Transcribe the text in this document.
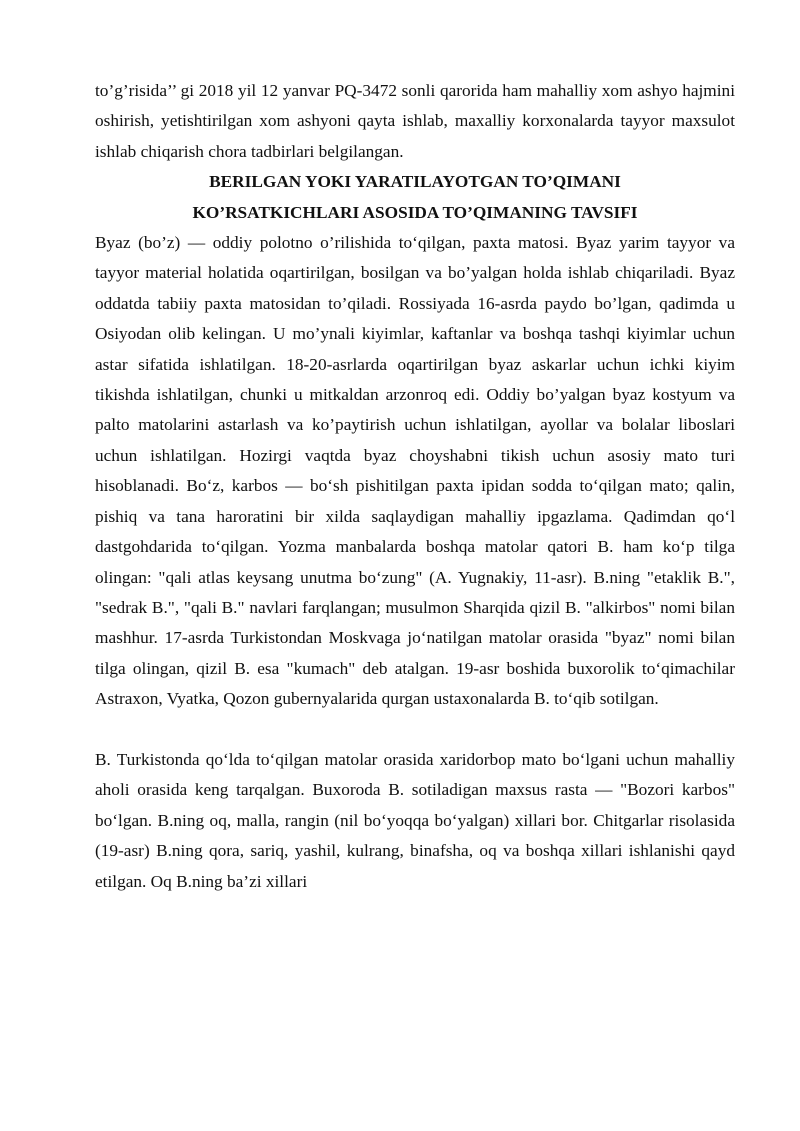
to’g’risida’’ gi 2018 yil 12 yanvar PQ-3472 sonli qarorida ham mahalliy xom ashyo hajmini oshirish, yetishtirilgan xom ashyoni qayta ishlab, maxalliy korxonalarda tayyor maxsulot ishlab chiqarish chora tadbirlari belgilangan.

BERILGAN YOKI YARATILAYOTGAN TO’QIMANI

KO’RSATKICHLARI ASOSIDA TO’QIMANING TAVSIFI

Byaz (bo’z) — oddiy polotno o’rilishida to‘qilgan, paxta matosi. Byaz yarim tayyor va tayyor material holatida oqartirilgan, bosilgan va bo’yalgan holda ishlab chiqariladi. Byaz oddatda tabiiy paxta matosidan to’qiladi. Rossiyada 16-asrda paydo bo’lgan, qadimda u Osiyodan olib kelingan. U mo’ynali kiyimlar, kaftanlar va boshqa tashqi kiyimlar uchun astar sifatida ishlatilgan. 18-20-asrlarda oqartirilgan byaz askarlar uchun ichki kiyim tikishda ishlatilgan, chunki u mitkaldan arzonroq edi. Oddiy bo’yalgan byaz kostyum va palto matolarini astarlash va ko’paytirish uchun ishlatilgan, ayollar va bolalar liboslari uchun ishlatilgan. Hozirgi vaqtda byaz choyshabni tikish uchun asosiy mato turi hisoblanadi. Bo‘z, karbos — bo‘sh pishitilgan paxta ipidan sodda to‘qilgan mato; qalin, pishiq va tana haroratini bir xilda saqlaydigan mahalliy ipgazlama. Qadimdan qo‘l dastgohdarida to‘qilgan. Yozma manbalarda boshqa matolar qatori B. ham ko‘p tilga olingan: "qali atlas keysang unutma bo‘zung" (A. Yugnakiy, 11-asr). B.ning "etaklik B.", "sedrak B.", "qali B." navlari farqlangan; musulmon Sharqida qizil B. "alkirbos" nomi bilan mashhur. 17-asrda Turkistondan Moskvaga jo‘natilgan matolar orasida "byaz" nomi bilan tilga olingan, qizil B. esa "kumach" deb atalgan. 19-asr boshida buxorolik to‘qimachilar Astraxon, Vyatka, Qozon gubernyalarida qurgan ustaxonalarda B. to‘qib sotilgan.

B. Turkistonda qo‘lda to‘qilgan matolar orasida xaridorbop mato bo‘lgani uchun mahalliy aholi orasida keng tarqalgan. Buxoroda B. sotiladigan maxsus rasta — "Bozori karbos" bo‘lgan. B.ning oq, malla, rangin (nil bo‘yoqqa bo‘yalgan) xillari bor. Chitgarlar risolasida (19-asr) B.ning qora, sariq, yashil, kulrang, binafsha, oq va boshqa xillari ishlanishi qayd etilgan. Oq B.ning ba’zi xillari
